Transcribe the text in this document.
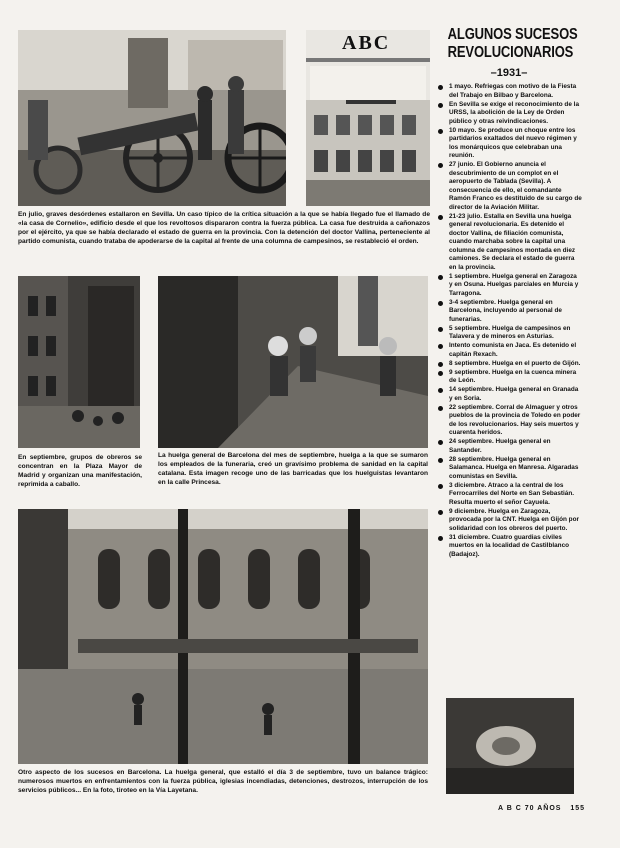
ABC

En julio, graves desórdenes estallaron en Sevilla. Un caso típico de la crítica situación a la que se había llegado fue el llamado de «la casa de Cornelio», edificio desde el que los revoltosos dispararon contra la fuerza pública. La casa fue destruida a cañonazos por el ejército, ya que se había declarado el estado de guerra en la provincia. Con la detención del doctor Vallina, perteneciente al partido comunista, cuando trataba de apoderarse de la capital al frente de una columna de campesinos, se restableció el orden.

En septiembre, grupos de obreros se concentran en la Plaza Mayor de Madrid y organizan una manifestación, reprimida a caballo.

La huelga general de Barcelona del mes de septiembre, huelga a la que se sumaron los empleados de la funeraria, creó un gravísimo problema de sanidad en la capital catalana. Esta imagen recoge uno de las barricadas que los huelguistas levantaron en la calle Princesa.

Otro aspecto de los sucesos en Barcelona. La huelga general, que estalló el día 3 de septiembre, tuvo un balance trágico: numerosos muertos en enfrentamientos con la fuerza pública, iglesias incendiadas, detenciones, destrozos, interrupción de los servicios públicos... En la foto, tiroteo en la Vía Layetana.

ALGUNOS SUCESOS
REVOLUCIONARIOS
–1931–
1 mayo. Refriegas con motivo de la Fiesta del Trabajo en Bilbao y Barcelona.
En Sevilla se exige el reconocimiento de la URSS, la abolición de la Ley de Orden público y otras reivindicaciones.
10 mayo. Se produce un choque entre los partidarios exaltados del nuevo régimen y los monárquicos que celebraban una reunión.
27 junio. El Gobierno anuncia el descubrimiento de un complot en el aeropuerto de Tablada (Sevilla). A consecuencia de ello, el comandante Ramón Franco es destituido de su cargo de director de la Aviación Militar.
21-23 julio. Estalla en Sevilla una huelga general revolucionaria. Es detenido el doctor Vallina, de filiación comunista, cuando marchaba sobre la capital una columna de campesinos montada en diez camiones. Se declara el estado de guerra en la provincia.
1 septiembre. Huelga general en Zaragoza y en Osuna. Huelgas parciales en Murcia y Tarragona.
3-4 septiembre. Huelga general en Barcelona, incluyendo al personal de funerarias.
5 septiembre. Huelga de campesinos en Talavera y de mineros en Asturias.
Intento comunista en Jaca. Es detenido el capitán Rexach.
8 septiembre. Huelga en el puerto de Gijón.
9 septiembre. Huelga en la cuenca minera de León.
14 septiembre. Huelga general en Granada y en Soria.
22 septiembre. Corral de Almaguer y otros pueblos de la provincia de Toledo en poder de los revolucionarios. Hay seis muertos y cuarenta heridos.
24 septiembre. Huelga general en Santander.
28 septiembre. Huelga general en Salamanca. Huelga en Manresa. Algaradas comunistas en Sevilla.
3 diciembre. Atraco a la central de los Ferrocarriles del Norte en San Sebastián. Resulta muerto el señor Cayuela.
9 diciembre. Huelga en Zaragoza, provocada por la CNT. Huelga en Gijón por solidaridad con los obreros del puerto.
31 diciembre. Cuatro guardias civiles muertos en la localidad de Castilblanco (Badajoz).
A B C 70 AÑOS 155
